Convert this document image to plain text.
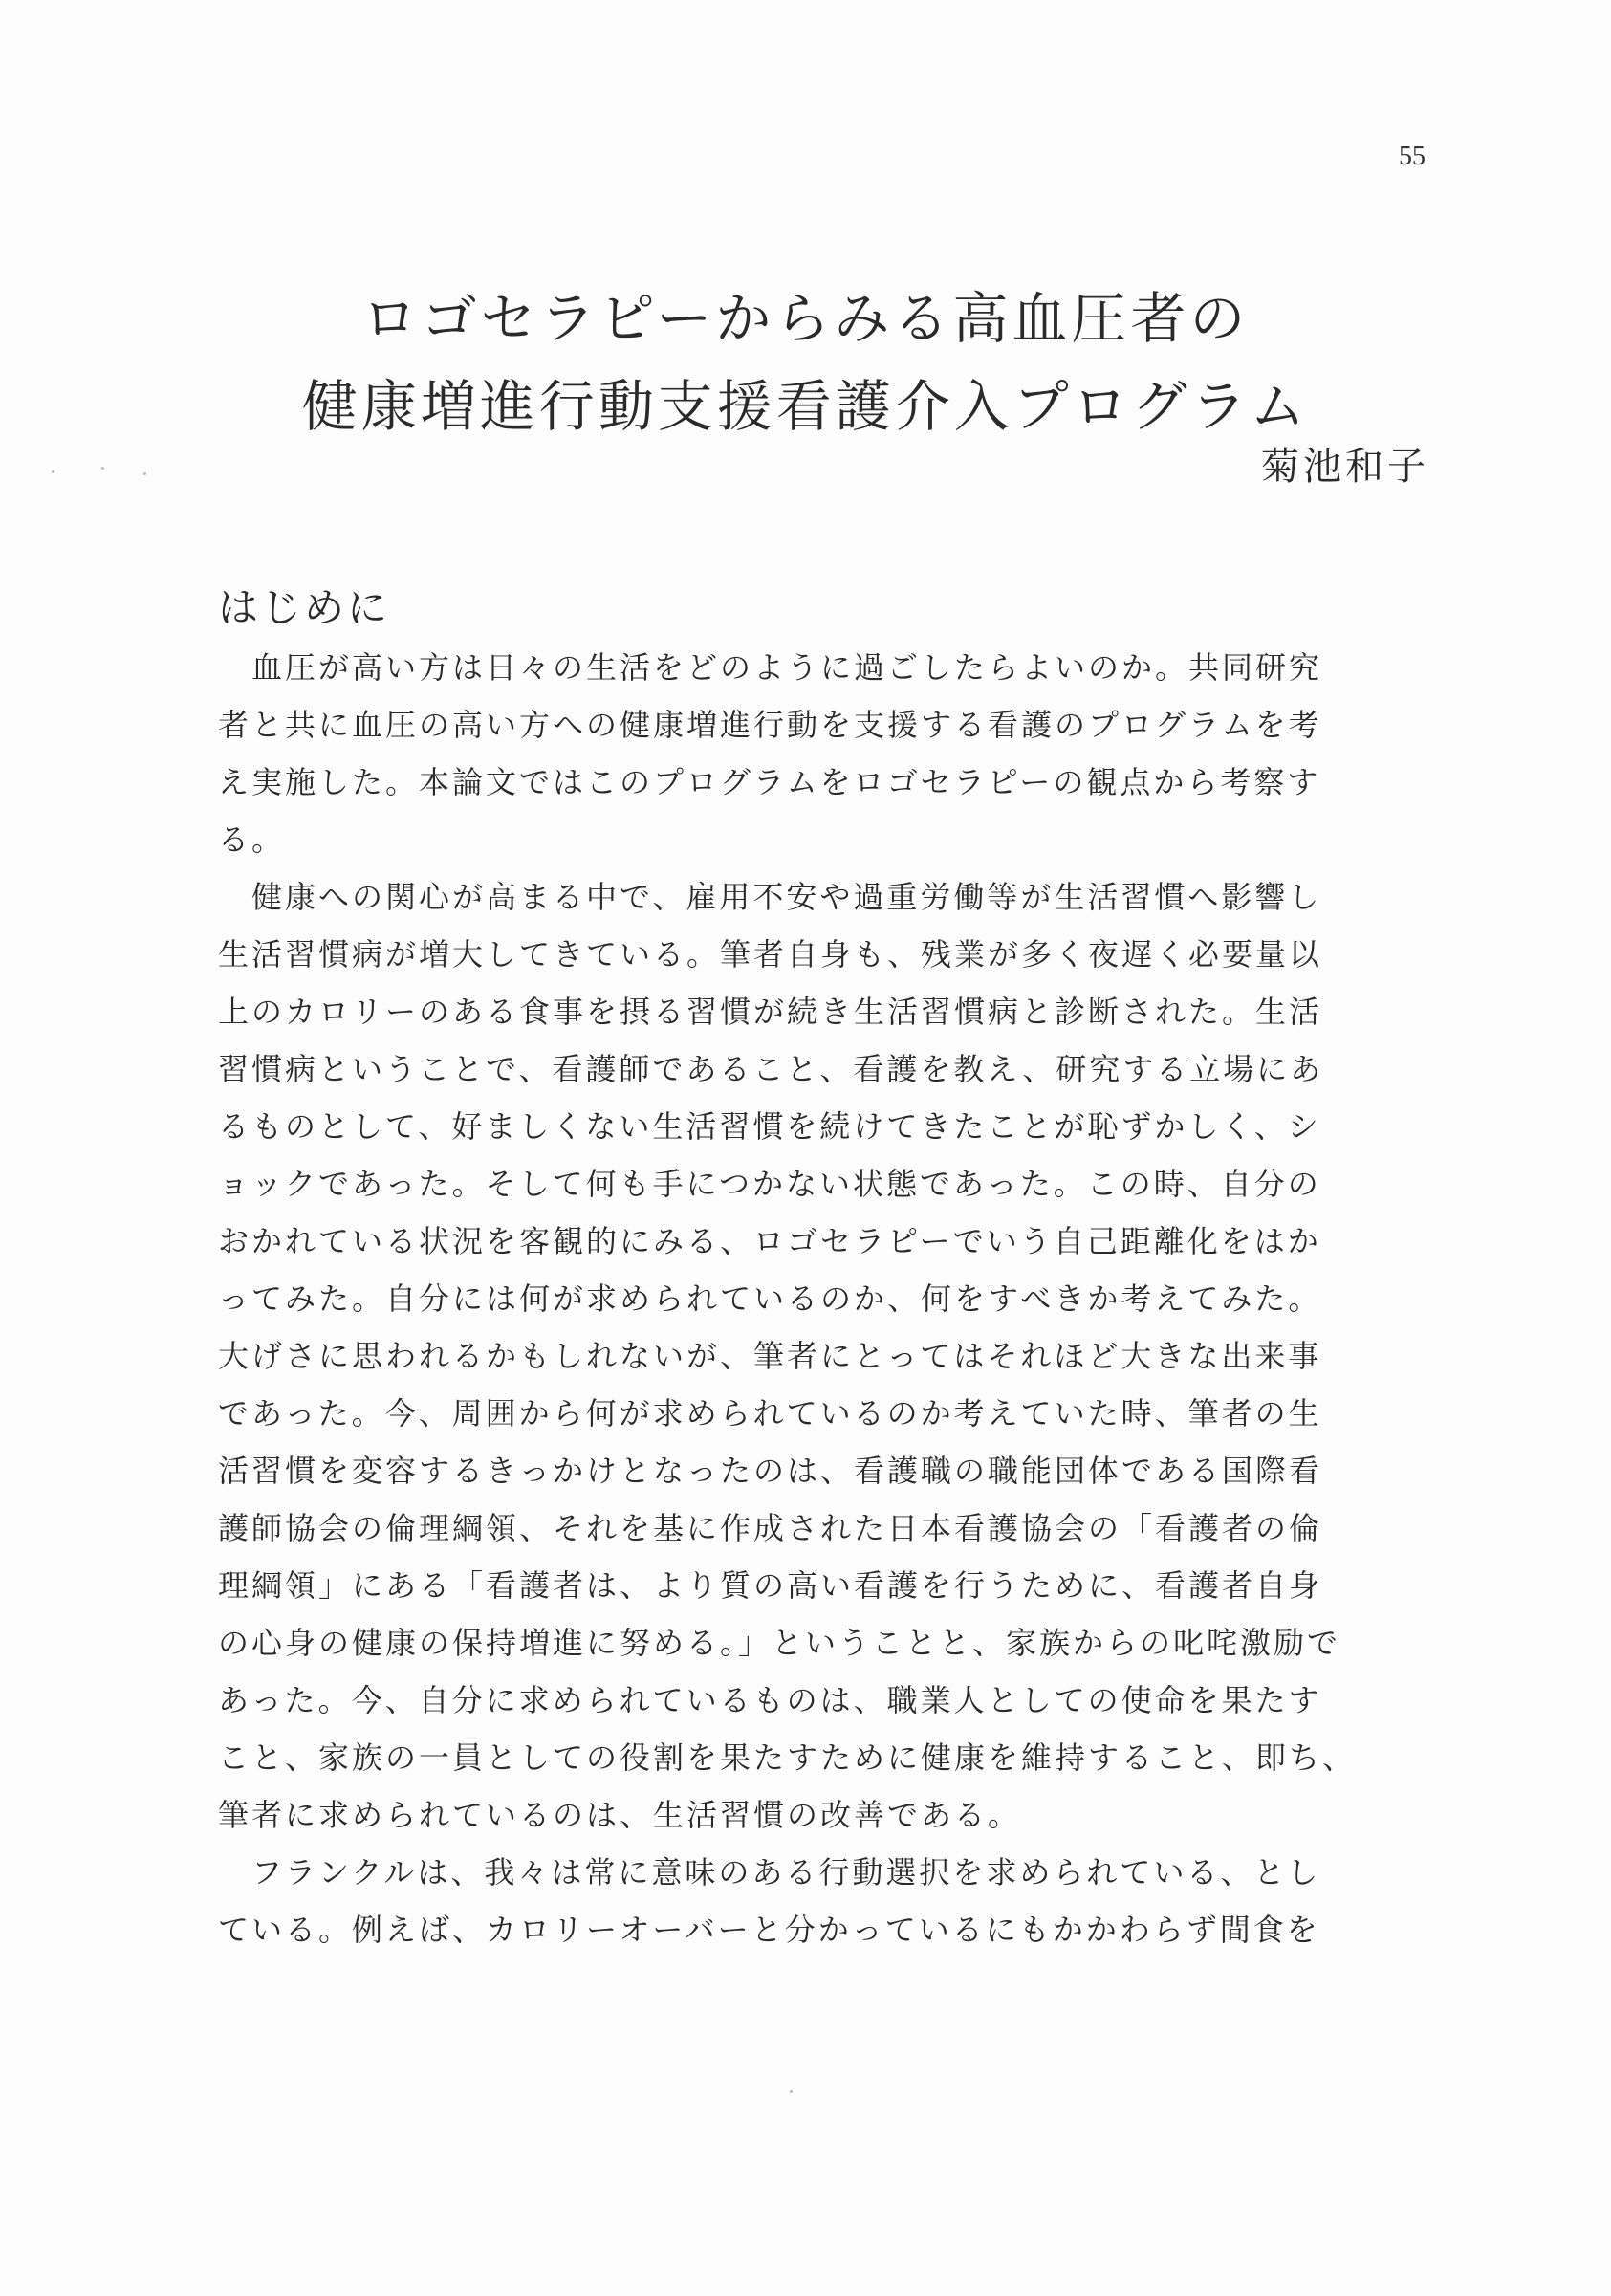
55
ロゴセラピーからみる高血圧者の
健康増進行動支援看護介入プログラム
菊池和子
はじめに
　血圧が高い方は日々の生活をどのように過ごしたらよいのか。共同研究
者と共に血圧の高い方への健康増進行動を支援する看護のプログラムを考
え実施した。本論文ではこのプログラムをロゴセラピーの観点から考察す
る。
　健康への関心が高まる中で、雇用不安や過重労働等が生活習慣へ影響し
生活習慣病が増大してきている。筆者自身も、残業が多く夜遅く必要量以
上のカロリーのある食事を摂る習慣が続き生活習慣病と診断された。生活
習慣病ということで、看護師であること、看護を教え、研究する立場にあ
るものとして、好ましくない生活習慣を続けてきたことが恥ずかしく、シ
ョックであった。そして何も手につかない状態であった。この時、自分の
おかれている状況を客観的にみる、ロゴセラピーでいう自己距離化をはか
ってみた。自分には何が求められているのか、何をすべきか考えてみた。
大げさに思われるかもしれないが、筆者にとってはそれほど大きな出来事
であった。今、周囲から何が求められているのか考えていた時、筆者の生
活習慣を変容するきっかけとなったのは、看護職の職能団体である国際看
護師協会の倫理綱領、それを基に作成された日本看護協会の「看護者の倫
理綱領」にある「看護者は、より質の高い看護を行うために、看護者自身
の心身の健康の保持増進に努める。」ということと、家族からの叱咤激励で
あった。今、自分に求められているものは、職業人としての使命を果たす
こと、家族の一員としての役割を果たすために健康を維持すること、即ち、
筆者に求められているのは、生活習慣の改善である。
　フランクルは、我々は常に意味のある行動選択を求められている、とし
ている。例えば、カロリーオーバーと分かっているにもかかわらず間食を
